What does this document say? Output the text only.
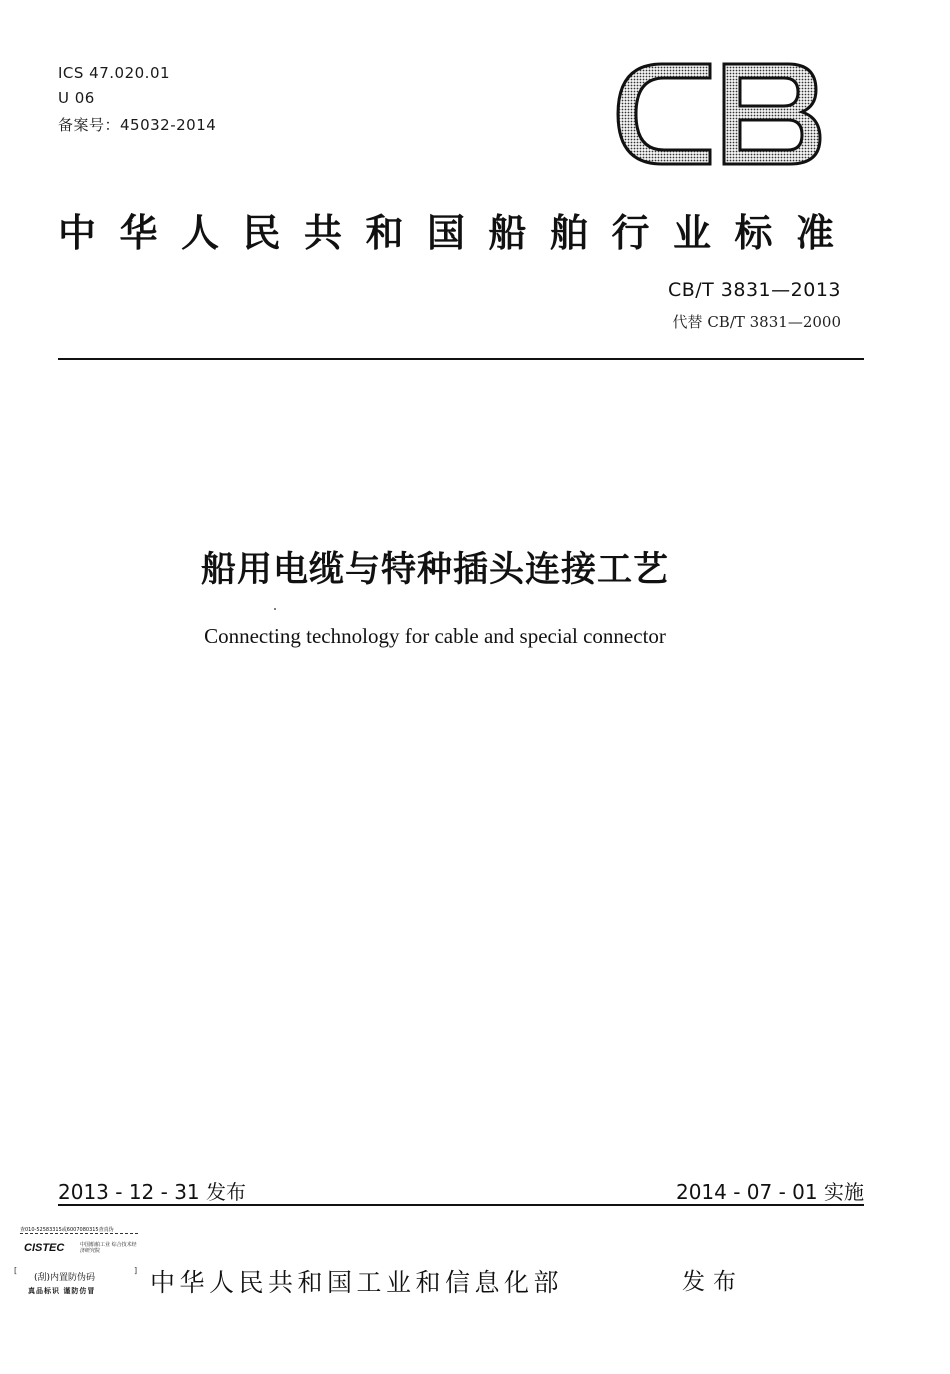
ICS 47.020.01
U 06
备案号：45032-2014
中华人民共和国船舶行业标准
CB/T 3831—2013
代替 CB/T 3831—2000
船用电缆与特种插头连接工艺
Connecting technology for cable and special connector
2013 - 12 - 31 发布	2014 - 07 - 01 实施
查010-52583315或6007080315查真伪
CISTEC	中国船舶工业 综合技术经济研究院
[	]
(刮)内置防伪码
真品标识 谨防仿冒 中华人民共和国工业和信息化部	发布
